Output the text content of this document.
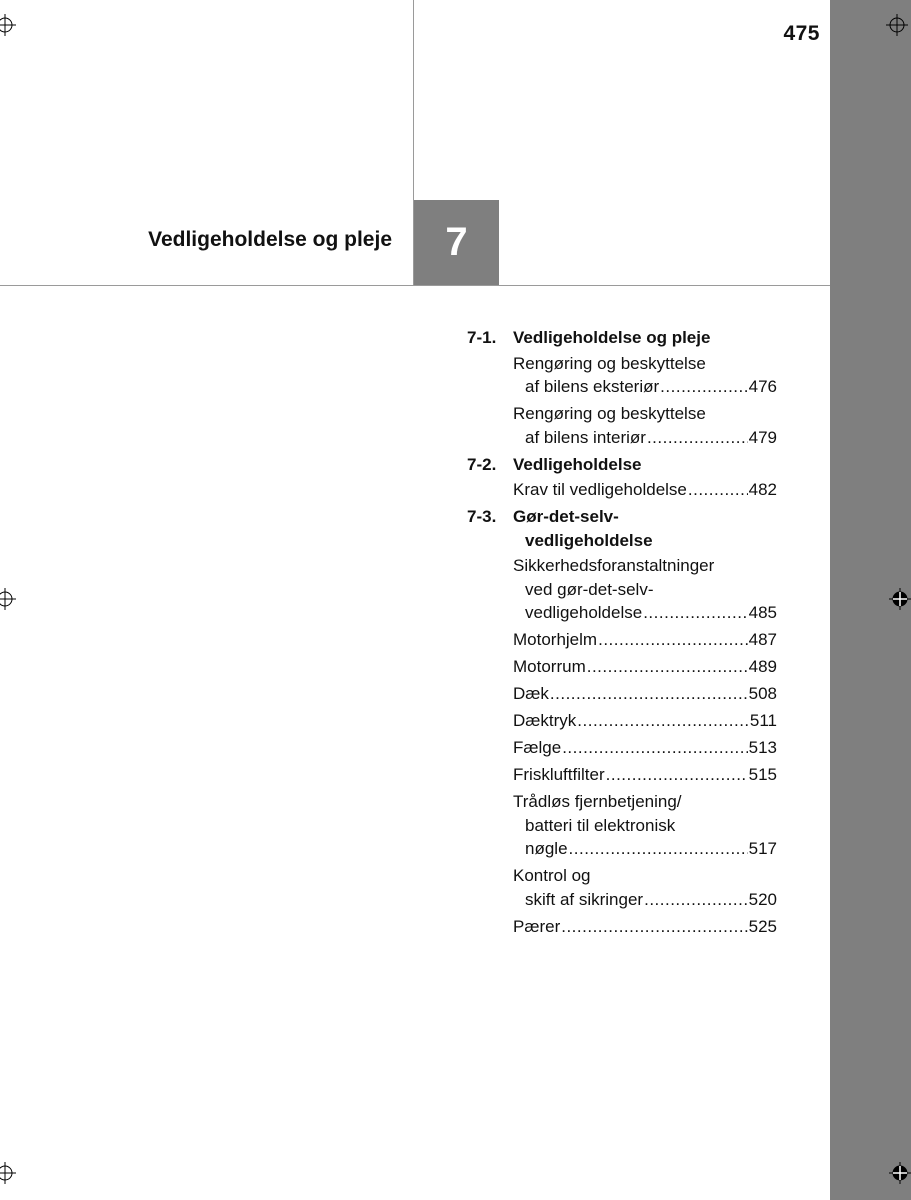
475
Vedligeholdelse og pleje 7
7-1. Vedligeholdelse og pleje
Rengøring og beskyttelse
af bilens eksteriør .....	476
Rengøring og beskyttelse
af bilens interiør .....	479
7-2. Vedligeholdelse
Krav til vedligeholdelse .....	482
7-3. Gør-det-selv-
vedligeholdelse
Sikkerhedsforanstaltninger
ved gør-det-selv-
vedligeholdelse .....	485
Motorhjelm .....	487
Motorrum .....	489
Dæk .....	508
Dæktryk .....	511
Fælge .....	513
Friskluftfilter .....	515
Trådløs fjernbetjening/
batteri til elektronisk
nøgle .....	517
Kontrol og
skift af sikringer .....	520
Pærer .....	525
